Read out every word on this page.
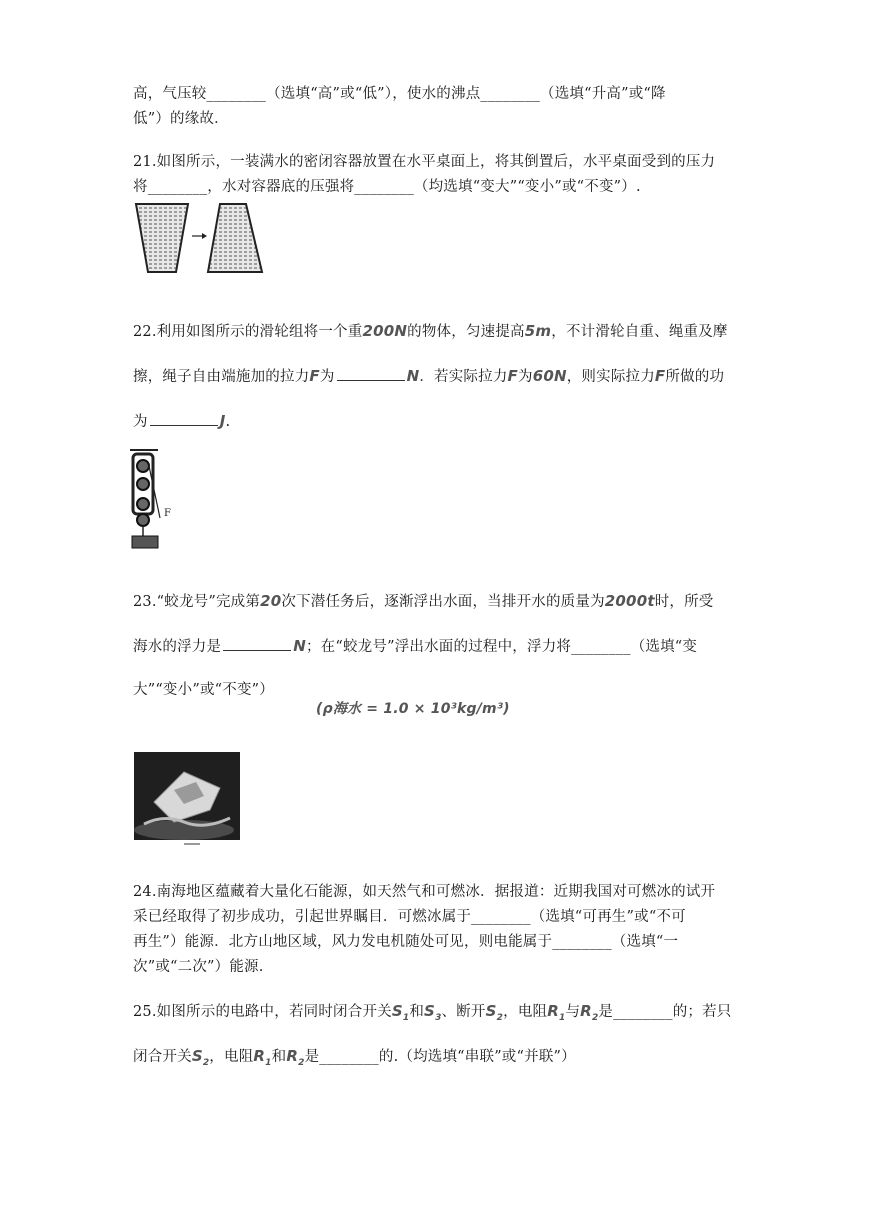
高，气压较________（选填“高”或“低”），使水的沸点________（选填“升高”或“降
低”）的缘故．
21.如图所示，一装满水的密闭容器放置在水平桌面上，将其倒置后，水平桌面受到的压力
将________，水对容器底的压强将________（均选填“变大”“变小”或“不变”）.
22.利用如图所示的滑轮组将一个重200N的物体，匀速提高5m，不计滑轮自重、绳重及摩
擦，绳子自由端施加的拉力F为	N．若实际拉力F为60N，则实际拉力F所做的功
为	J.
F
23.“蛟龙号”完成第20次下潜任务后，逐渐浮出水面，当排开水的质量为2000t时，所受
海水的浮力是	N；在“蛟龙号”浮出水面的过程中，浮力将________（选填“变
大”“变小”或“不变”）
(ρ海水 = 1.0 × 10³kg/m³)
24.南海地区蕴藏着大量化石能源，如天然气和可燃冰．据报道：近期我国对可燃冰的试开
采已经取得了初步成功，引起世界瞩目．可燃冰属于________（选填“可再生”或“不可
再生”）能源．北方山地区域，风力发电机随处可见，则电能属于________（选填“一
次”或“二次”）能源.
25.如图所示的电路中，若同时闭合开关$S_1$和$S_3$、断开$S_2$，电阻$R_1$与$R_2$是________的；若只
闭合开关$S_2$，电阻$R_1$和$R_2$是________的.（均选填“串联”或“并联”）
